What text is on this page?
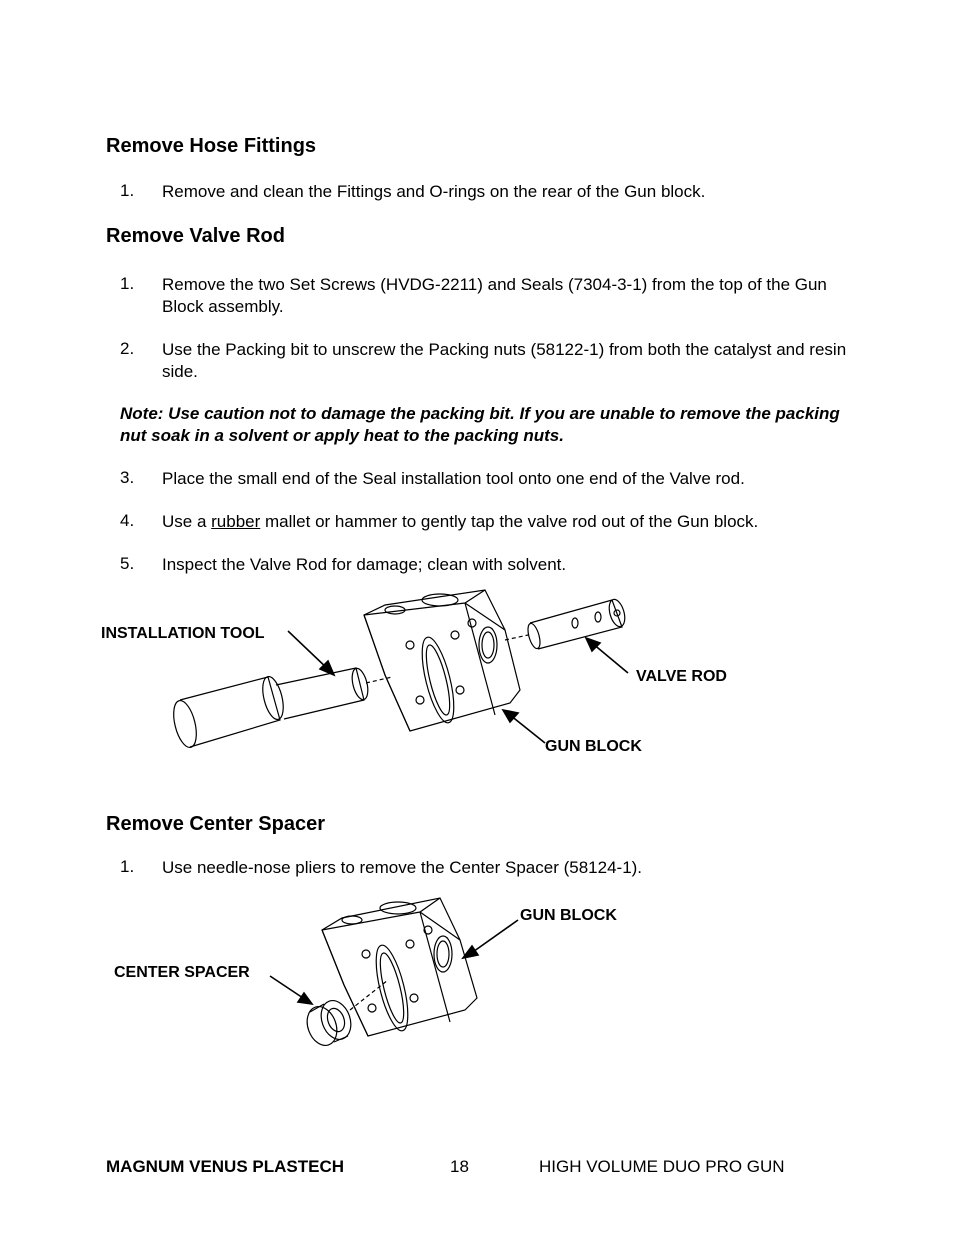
Remove Hose Fittings
1. Remove and clean the Fittings and O-rings on the rear of the Gun block.
Remove Valve Rod
1. Remove the two Set Screws (HVDG-2211) and Seals (7304-3-1) from the top of the Gun Block assembly.
2. Use the Packing bit to unscrew the Packing nuts (58122-1) from both the catalyst and resin side.
Note: Use caution not to damage the packing bit. If you are unable to remove the packing nut soak in a solvent or apply heat to the packing nuts.
3. Place the small end of the Seal installation tool onto one end of the Valve rod.
4. Use a rubber mallet or hammer to gently tap the valve rod out of the Gun block.
5. Inspect the Valve Rod for damage; clean with solvent.
INSTALLATION TOOL
VALVE ROD
GUN BLOCK
Remove Center Spacer
1. Use needle-nose pliers to remove the Center Spacer (58124-1).
GUN BLOCK
CENTER SPACER
MAGNUM VENUS PLASTECH	18	HIGH VOLUME DUO PRO GUN
